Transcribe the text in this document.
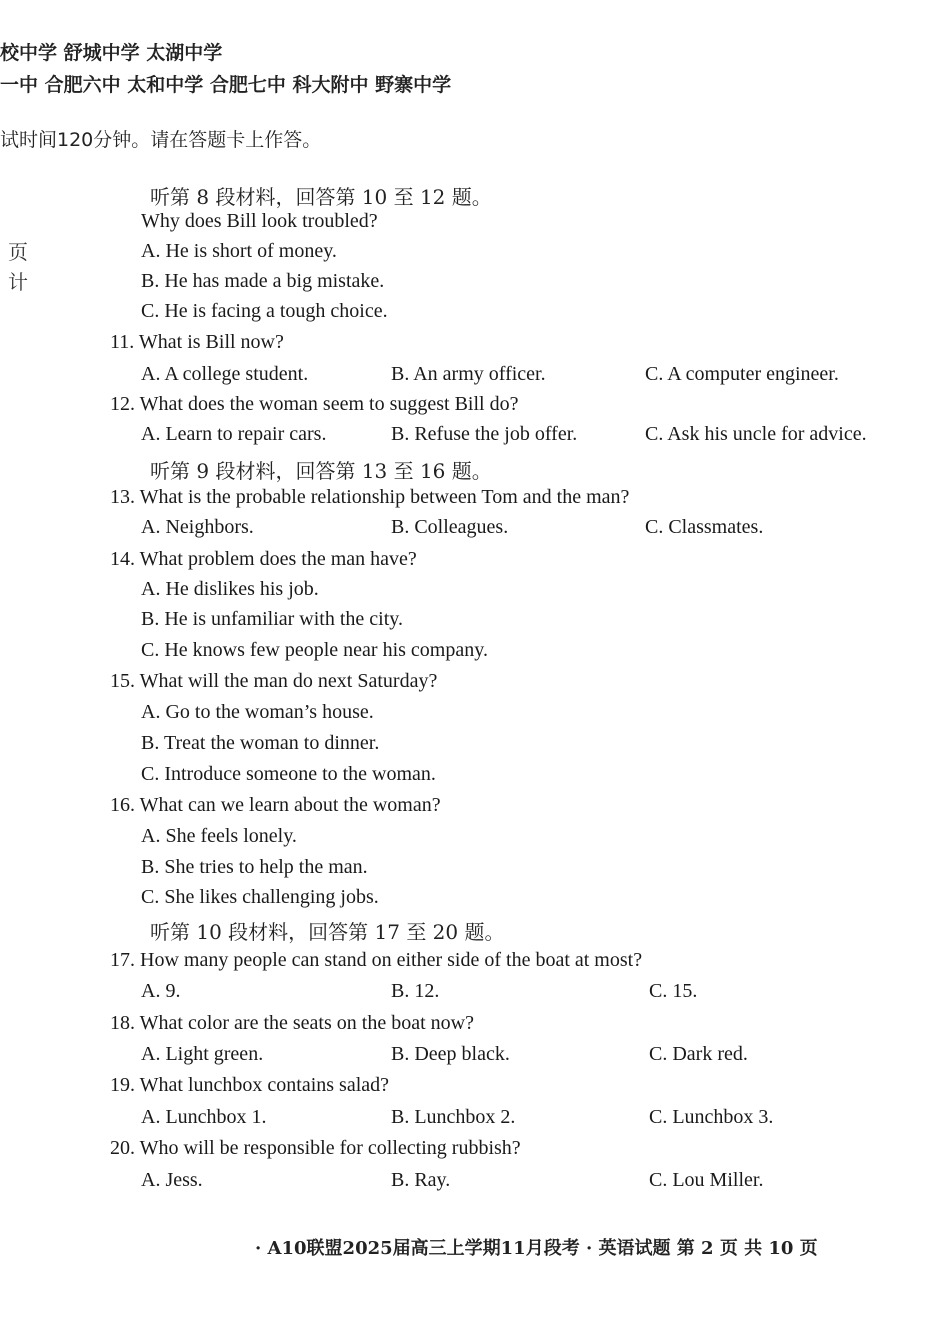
校中学 舒城中学 太湖中学
一中 合肥六中 太和中学 合肥七中 科大附中 野寨中学
试时间120分钟。请在答题卡上作答。
页
计
听第 8 段材料，回答第 10 至 12 题。
Why does Bill look troubled?
A. He is short of money.
B. He has made a big mistake.
C. He is facing a tough choice.
11. What is Bill now?
A. A college student.	B. An army officer.	C. A computer engineer.
12. What does the woman seem to suggest Bill do?
A. Learn to repair cars.	B. Refuse the job offer.	C. Ask his uncle for advice.
听第 9 段材料，回答第 13 至 16 题。
13. What is the probable relationship between Tom and the man?
A. Neighbors.	B. Colleagues.	C. Classmates.
14. What problem does the man have?
A. He dislikes his job.
B. He is unfamiliar with the city.
C. He knows few people near his company.
15. What will the man do next Saturday?
A. Go to the woman’s house.
B. Treat the woman to dinner.
C. Introduce someone to the woman.
16. What can we learn about the woman?
A. She feels lonely.
B. She tries to help the man.
C. She likes challenging jobs.
听第 10 段材料，回答第 17 至 20 题。
17. How many people can stand on either side of the boat at most?
A. 9.	B. 12.	C. 15.
18. What color are the seats on the boat now?
A. Light green.	B. Deep black.	C. Dark red.
19. What lunchbox contains salad?
A. Lunchbox 1.	B. Lunchbox 2.	C. Lunchbox 3.
20. Who will be responsible for collecting rubbish?
A. Jess.	B. Ray.	C. Lou Miller.
· A10联盟2025届高三上学期11月段考 · 英语试题 第 2 页 共 10 页
